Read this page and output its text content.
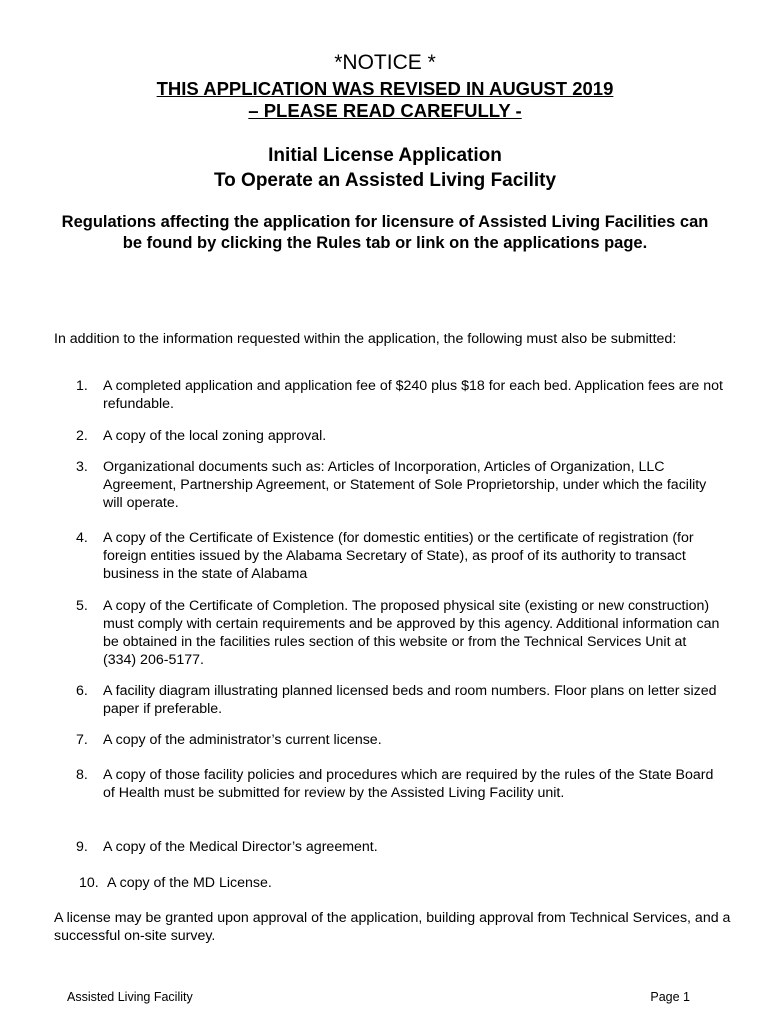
*NOTICE *
THIS APPLICATION WAS REVISED IN AUGUST 2019
– PLEASE READ CAREFULLY -
Initial License Application
To Operate an Assisted Living Facility

Regulations affecting the application for licensure of Assisted Living Facilities can be found by clicking the Rules tab or link on the applications page.

In addition to the information requested within the application, the following must also be submitted:

1.	A completed application and application fee of $240 plus $18 for each bed. Application fees are not refundable.
2.	A copy of the local zoning approval.
3.	Organizational documents such as: Articles of Incorporation, Articles of Organization, LLC Agreement, Partnership Agreement, or Statement of Sole Proprietorship, under which the facility will operate.
4.	A copy of the Certificate of Existence (for domestic entities) or the certificate of registration (for foreign entities issued by the Alabama Secretary of State), as proof of its authority to transact business in the state of Alabama
5.	A copy of the Certificate of Completion. The proposed physical site (existing or new construction) must comply with certain requirements and be approved by this agency. Additional information can be obtained in the facilities rules section of this website or from the Technical Services Unit at (334) 206-5177.
6.	A facility diagram illustrating planned licensed beds and room numbers. Floor plans on letter sized paper if preferable.
7.	A copy of the administrator’s current license.
8.	A copy of those facility policies and procedures which are required by the rules of the State Board of Health must be submitted for review by the Assisted Living Facility unit.
9.	A copy of the Medical Director’s agreement.
10. A copy of the MD License.

A license may be granted upon approval of the application, building approval from Technical Services, and a successful on-site survey.

Assisted Living Facility	Page 1
